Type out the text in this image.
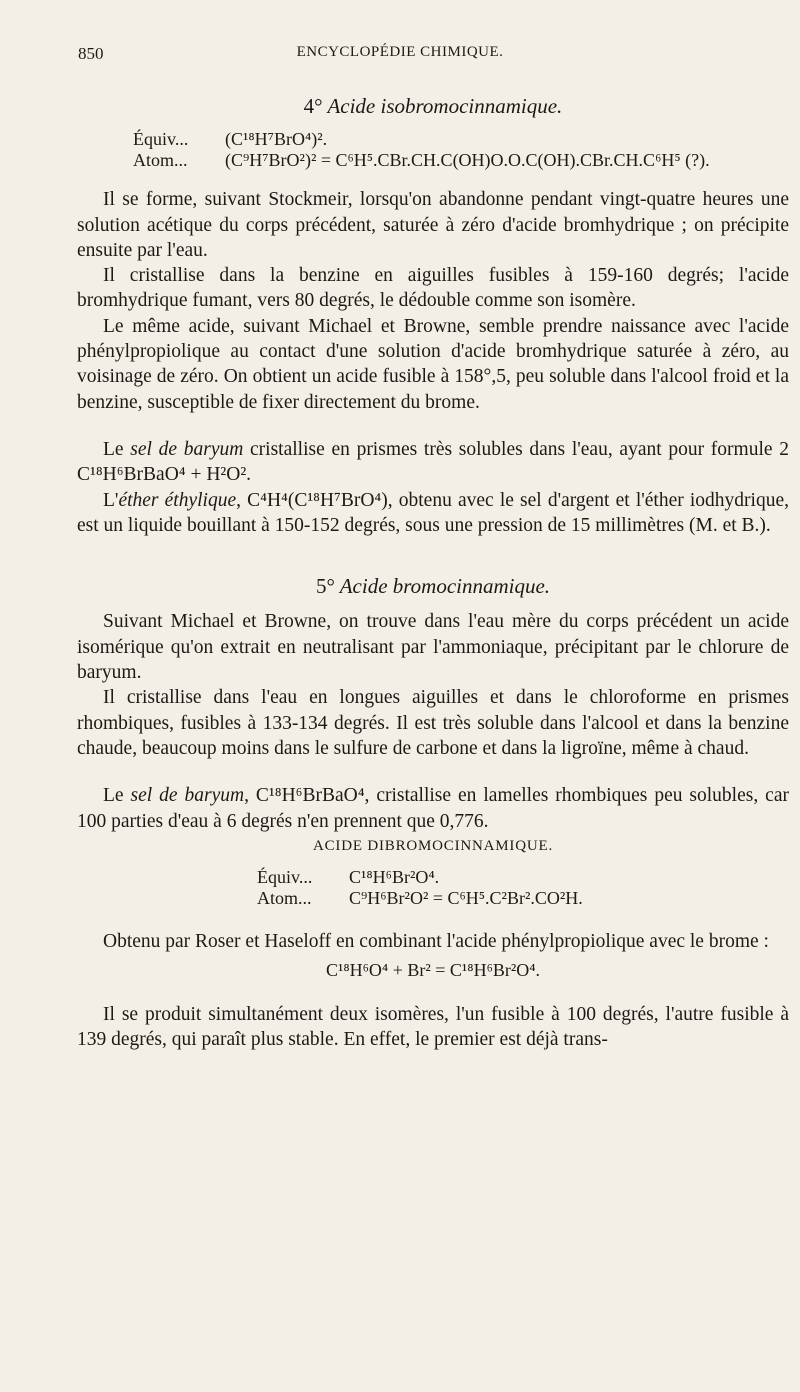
850	ENCYCLOPÉDIE CHIMIQUE.
4° Acide isobromocinnamique.
Équiv... (C¹⁸H⁷BrO⁴)².
Atom... (C⁹H⁷BrO²)² = C⁶H⁵.CBr.CH.C(OH)O.O.C(OH).CBr.CH.C⁶H⁵ (?).

Il se forme, suivant Stockmeir, lorsqu'on abandonne pendant vingt-quatre heures une solution acétique du corps précédent, saturée à zéro d'acide bromhydrique ; on précipite ensuite par l'eau.

Il cristallise dans la benzine en aiguilles fusibles à 159-160 degrés; l'acide bromhydrique fumant, vers 80 degrés, le dédouble comme son isomère.

Le même acide, suivant Michael et Browne, semble prendre naissance avec l'acide phénylpropiolique au contact d'une solution d'acide bromhydrique saturée à zéro, au voisinage de zéro. On obtient un acide fusible à 158°,5, peu soluble dans l'alcool froid et la benzine, susceptible de fixer directement du brome.

Le sel de baryum cristallise en prismes très solubles dans l'eau, ayant pour formule 2 C¹⁸H⁶BrBaO⁴ + H²O².

L'éther éthylique, C⁴H⁴(C¹⁸H⁷BrO⁴), obtenu avec le sel d'argent et l'éther iodhydrique, est un liquide bouillant à 150-152 degrés, sous une pression de 15 millimètres (M. et B.).

5° Acide bromocinnamique.

Suivant Michael et Browne, on trouve dans l'eau mère du corps précédent un acide isomérique qu'on extrait en neutralisant par l'ammoniaque, précipitant par le chlorure de baryum.

Il cristallise dans l'eau en longues aiguilles et dans le chloroforme en prismes rhombiques, fusibles à 133-134 degrés. Il est très soluble dans l'alcool et dans la benzine chaude, beaucoup moins dans le sulfure de carbone et dans la ligroïne, même à chaud.

Le sel de baryum, C¹⁸H⁶BrBaO⁴, cristallise en lamelles rhombiques peu solubles, car 100 parties d'eau à 6 degrés n'en prennent que 0,776.

ACIDE DIBROMOCINNAMIQUE.
Équiv... C¹⁸H⁶Br²O⁴.
Atom... C⁹H⁶Br²O² = C⁶H⁵.C²Br².CO²H.

Obtenu par Roser et Haseloff en combinant l'acide phénylpropiolique avec le brome :

C¹⁸H⁶O⁴ + Br² = C¹⁸H⁶Br²O⁴.

Il se produit simultanément deux isomères, l'un fusible à 100 degrés, l'autre fusible à 139 degrés, qui paraît plus stable. En effet, le premier est déjà trans-
